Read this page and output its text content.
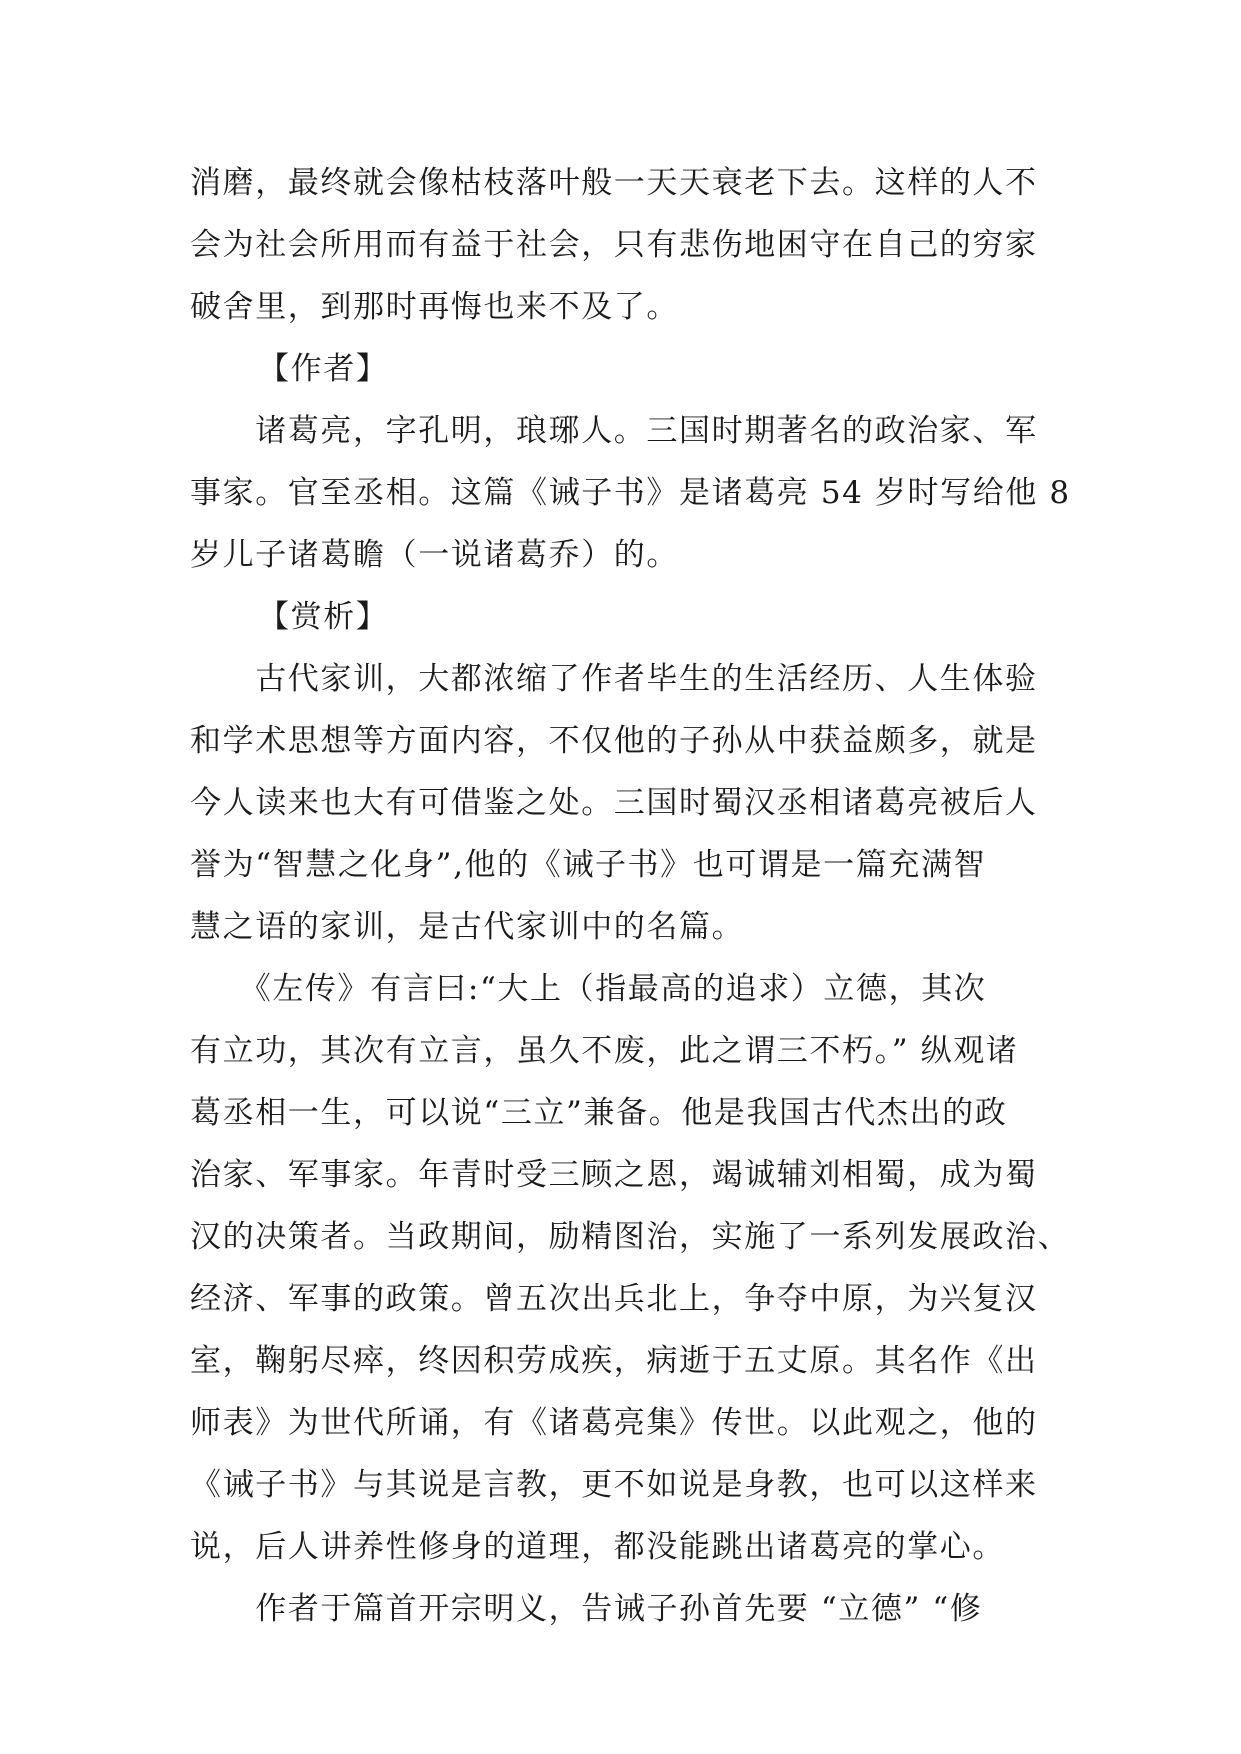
消磨，最终就会像枯枝落叶般一天天衰老下去。这样的人不
会为社会所用而有益于社会，只有悲伤地困守在自己的穷家
破舍里，到那时再悔也来不及了。
【作者】
　　诸葛亮，字孔明，琅琊人。三国时期著名的政治家、军
事家。官至丞相。这篇《诫子书》是诸葛亮 54 岁时写给他 8
岁儿子诸葛瞻（一说诸葛乔）的。
【赏析】
　　古代家训，大都浓缩了作者毕生的生活经历、人生体验
和学术思想等方面内容，不仅他的子孙从中获益颇多，就是
今人读来也大有可借鉴之处。三国时蜀汉丞相诸葛亮被后人
誉为“智慧之化身”,他的《诫子书》也可谓是一篇充满智
慧之语的家训，是古代家训中的名篇。
　　《左传》有言曰:“大上（指最高的追求）立德，其次
有立功，其次有立言，虽久不废，此之谓三不朽。” 纵观诸
葛丞相一生，可以说“三立”兼备。他是我国古代杰出的政
治家、军事家。年青时受三顾之恩，竭诚辅刘相蜀，成为蜀
汉的决策者。当政期间，励精图治，实施了一系列发展政治、
经济、军事的政策。曾五次出兵北上，争夺中原，为兴复汉
室，鞠躬尽瘁，终因积劳成疾，病逝于五丈原。其名作《出
师表》为世代所诵，有《诸葛亮集》传世。以此观之，他的
《诫子书》与其说是言教，更不如说是身教，也可以这样来
说，后人讲养性修身的道理，都没能跳出诸葛亮的掌心。
　　作者于篇首开宗明义，告诫子孙首先要 “立德” “修
